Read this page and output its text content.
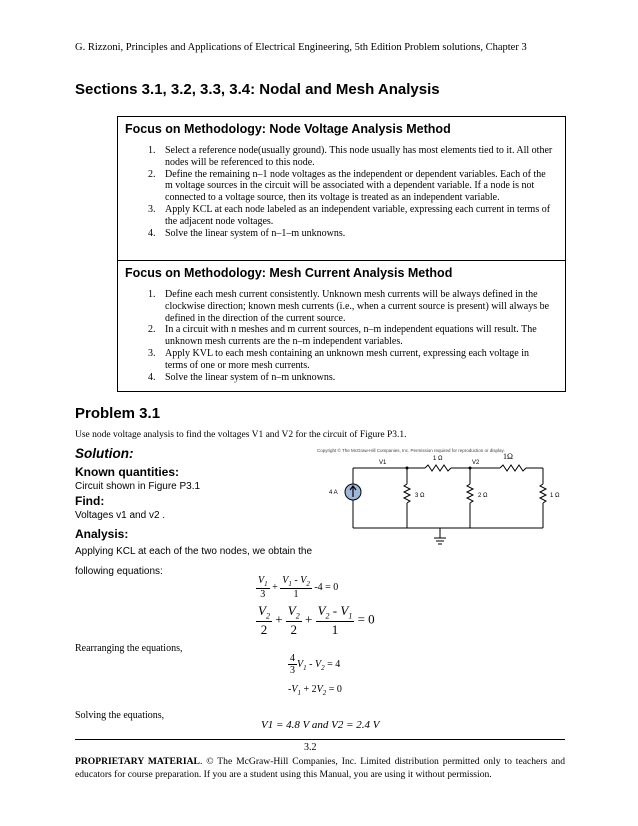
G. Rizzoni, Principles and Applications of Electrical Engineering, 5th Edition Problem solutions, Chapter 3
Sections 3.1, 3.2, 3.3, 3.4: Nodal and Mesh Analysis
Focus on Methodology: Node Voltage Analysis Method
1. Select a reference node(usually ground). This node usually has most elements tied to it. All other nodes will be referenced to this node.
2. Define the remaining n–1 node voltages as the independent or dependent variables. Each of the m voltage sources in the circuit will be associated with a dependent variable. If a node is not connected to a voltage source, then its voltage is treated as an independent variable.
3. Apply KCL at each node labeled as an independent variable, expressing each current in terms of the adjacent node voltages.
4. Solve the linear system of n–1–m unknowns.
Focus on Methodology: Mesh Current Analysis Method
1. Define each mesh current consistently. Unknown mesh currents will be always defined in the clockwise direction; known mesh currents (i.e., when a current source is present) will always be defined in the direction of the current source.
2. In a circuit with n meshes and m current sources, n–m independent equations will result. The unknown mesh currents are the n–m independent variables.
3. Apply KVL to each mesh containing an unknown mesh current, expressing each voltage in terms of one or more mesh currents.
4. Solve the linear system of n–m unknowns.
Problem 3.1
Use node voltage analysis to find the voltages V1 and V2 for the circuit of Figure P3.1.
Solution:
Known quantities:
Circuit shown in Figure P3.1
Find:
Voltages v1 and v2 .
Analysis:
Applying KCL at each of the two nodes, we obtain the
following equations:
Copyright © The McGraw-Hill Companies, Inc. Permission required for reproduction or display.
V1
1 Ω
V2
1Ω
4 A	3 Ω	2 Ω	1 Ω
$\frac{V_1}{3} + \frac{V_1 - V_2}{1} -4 = 0$
$\frac{V_2}{2} + \frac{V_2}{2} + \frac{V_2 - V_1}{1} = 0$
Rearranging the equations,
$\frac{4}{3} V_1 - V_2 = 4$
$-V_1 + 2V_2 = 0$
Solving the equations,
V1 = 4.8 V and V2 = 2.4 V
3.2
PROPRIETARY MATERIAL. © The McGraw-Hill Companies, Inc. Limited distribution permitted only to teachers and educators for course preparation. If you are a student using this Manual, you are using it without permission.
